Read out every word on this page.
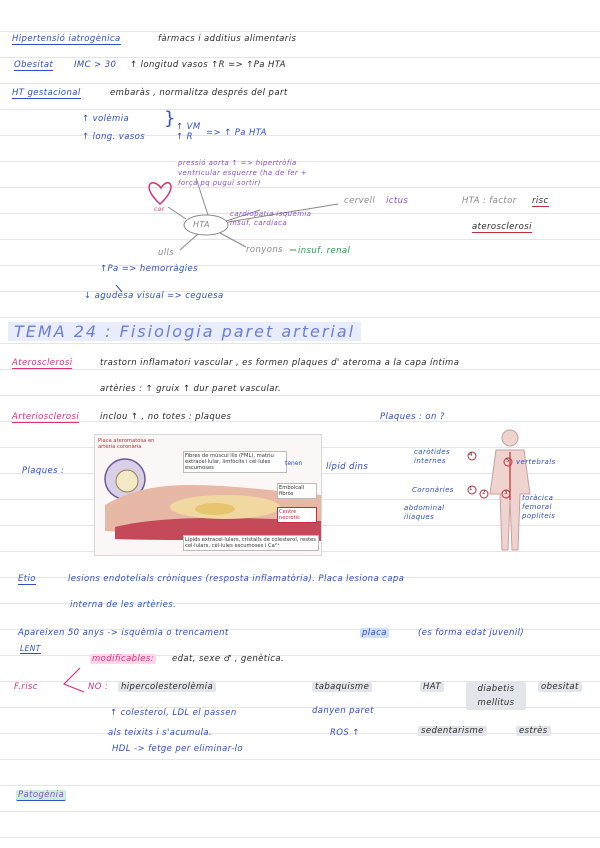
Hipertensió iatrogènica	fàrmacs i additius alimentaris
Obesitat IMC > 30 ↑ longitud vasos ↑R => ↑Pa HTA
HT gestacional	embaràs , normalitza després del part
↑ volèmia
↑ long. vasos
} ↑ VM
↑ R => ↑ Pa HTA
cor
HTA
pressió aorta ↑ => hipertròfia ventricular esquerre (ha de fer + força pq pugui sortir)
cardiopatia isquèmia insuf. cardíaca
cervell ictus
ulls	ronyons insuf. renal
HTA : factor risc
aterosclerosi
↑Pa => hemorràgies
↓ agudesa visual => ceguesa
TEMA 24 : Fisiologia paret arterial
Aterosclerosi	trastorn inflamatori vascular , es formen plaques d' ateroma a la capa íntima
artèries : ↑ gruix ↑ dur paret vascular.
Arteriosclerosi inclou ↑ , no totes : plaques	Plaques : on ?
Plaques :
Placa ateromatosa en artèria coronària
Fibres de múscul llis (FML), matriu extracel·lular, limfòcits i cèl·lules escumoses
tenen
Embolcall fibrós
Centre necròtic
Lípids extracel·lulars, cristalls de colesterol, restes cel·lulars, cèl·lules escumoses i Ca²⁺
lípid dins
4
5
1
2	3
caròtides internes
Coronàries
abdominal ilíaques
vertebrals
toràcica femoral popliteis
Etio	lesions endotelials cròniques (resposta inflamatòria). Placa lesiona capa
interna de les artèries.
Apareixen 50 anys -> isquèmia o trencament	placa	(es forma edat juvenil)
LENT
modificables: edat, sexe ♂ , genètica.
F.risc	NO :	hipercolesterolèmia	tabaquisme	HAT	diabetis mellitus
obesitat
↑ colesterol, LDL el passen
als teixits i s'acumula.
danyen paret
ROS ↑	sedentarisme	estrès
HDL -> fetge per eliminar-lo
Patogènia
